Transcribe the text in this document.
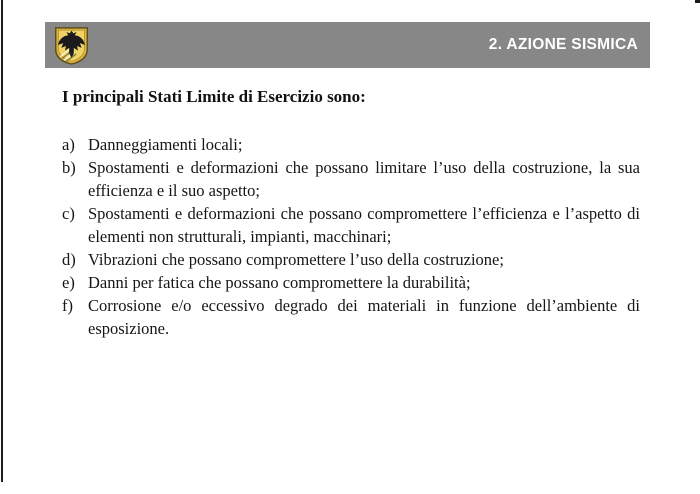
2. AZIONE SISMICA
I principali Stati Limite di Esercizio sono:
a) Danneggiamenti locali;
b) Spostamenti e deformazioni che possano limitare l’uso della costruzione, la sua efficienza e il suo aspetto;
c) Spostamenti e deformazioni che possano compromettere l’efficienza e l’aspetto di elementi non strutturali, impianti, macchinari;
d) Vibrazioni che possano compromettere l’uso della costruzione;
e) Danni per fatica che possano compromettere la durabilità;
f) Corrosione e/o eccessivo degrado dei materiali in funzione dell’ambiente di esposizione.
